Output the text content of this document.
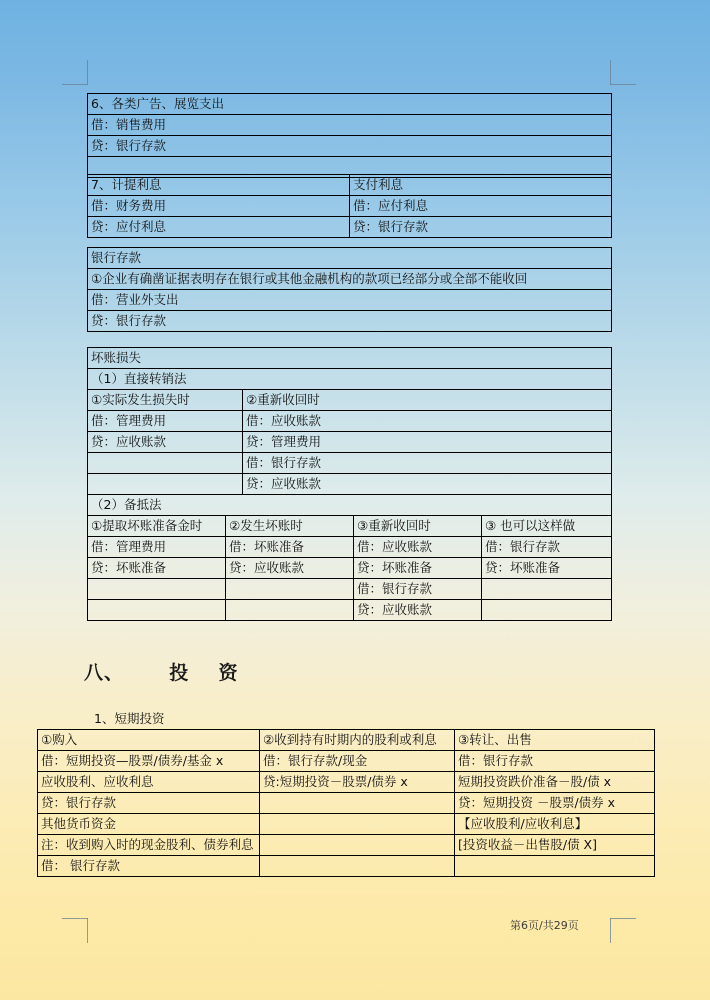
6、各类广告、展览支出
借：销售费用
贷：银行存款

7、计提利息	支付利息
借：财务费用	借：应付利息
贷：应付利息	贷：银行存款
银行存款
①企业有确凿证据表明存在银行或其他金融机构的款项已经部分或全部不能收回
借：营业外支出
贷：银行存款
坏账损失	
（1）直接转销法	
①实际发生损失时	②重新收回时
借：管理费用	借：应收账款
贷：应收账款	贷：管理费用
	借：银行存款
	贷：应收账款
（2）备抵法			
①提取坏账准备金时	②发生坏账时	③重新收回时	③ 也可以这样做
借：管理费用	借：坏账准备	借：应收账款	借：银行存款
贷：坏账准备	贷：应收账款	贷：坏账准备	贷：坏账准备
		借：银行存款	
		贷：应收账款	
八、 投 资
1、短期投资
①购入	②收到持有时期内的股利或利息	③转让、出售
借：短期投资—股票/债券/基金 x	借：银行存款/现金	借：银行存款
应收股利、应收利息	贷:短期投资－股票/债券 x	短期投资跌价准备－股/债 x
贷：银行存款		贷：短期投资 －股票/债券 x
其他货币资金		【应收股利/应收利息】
注：收到购入时的现金股利、债券利息		[投资收益－出售股/债 X]
借： 银行存款		
第6页/共29页
